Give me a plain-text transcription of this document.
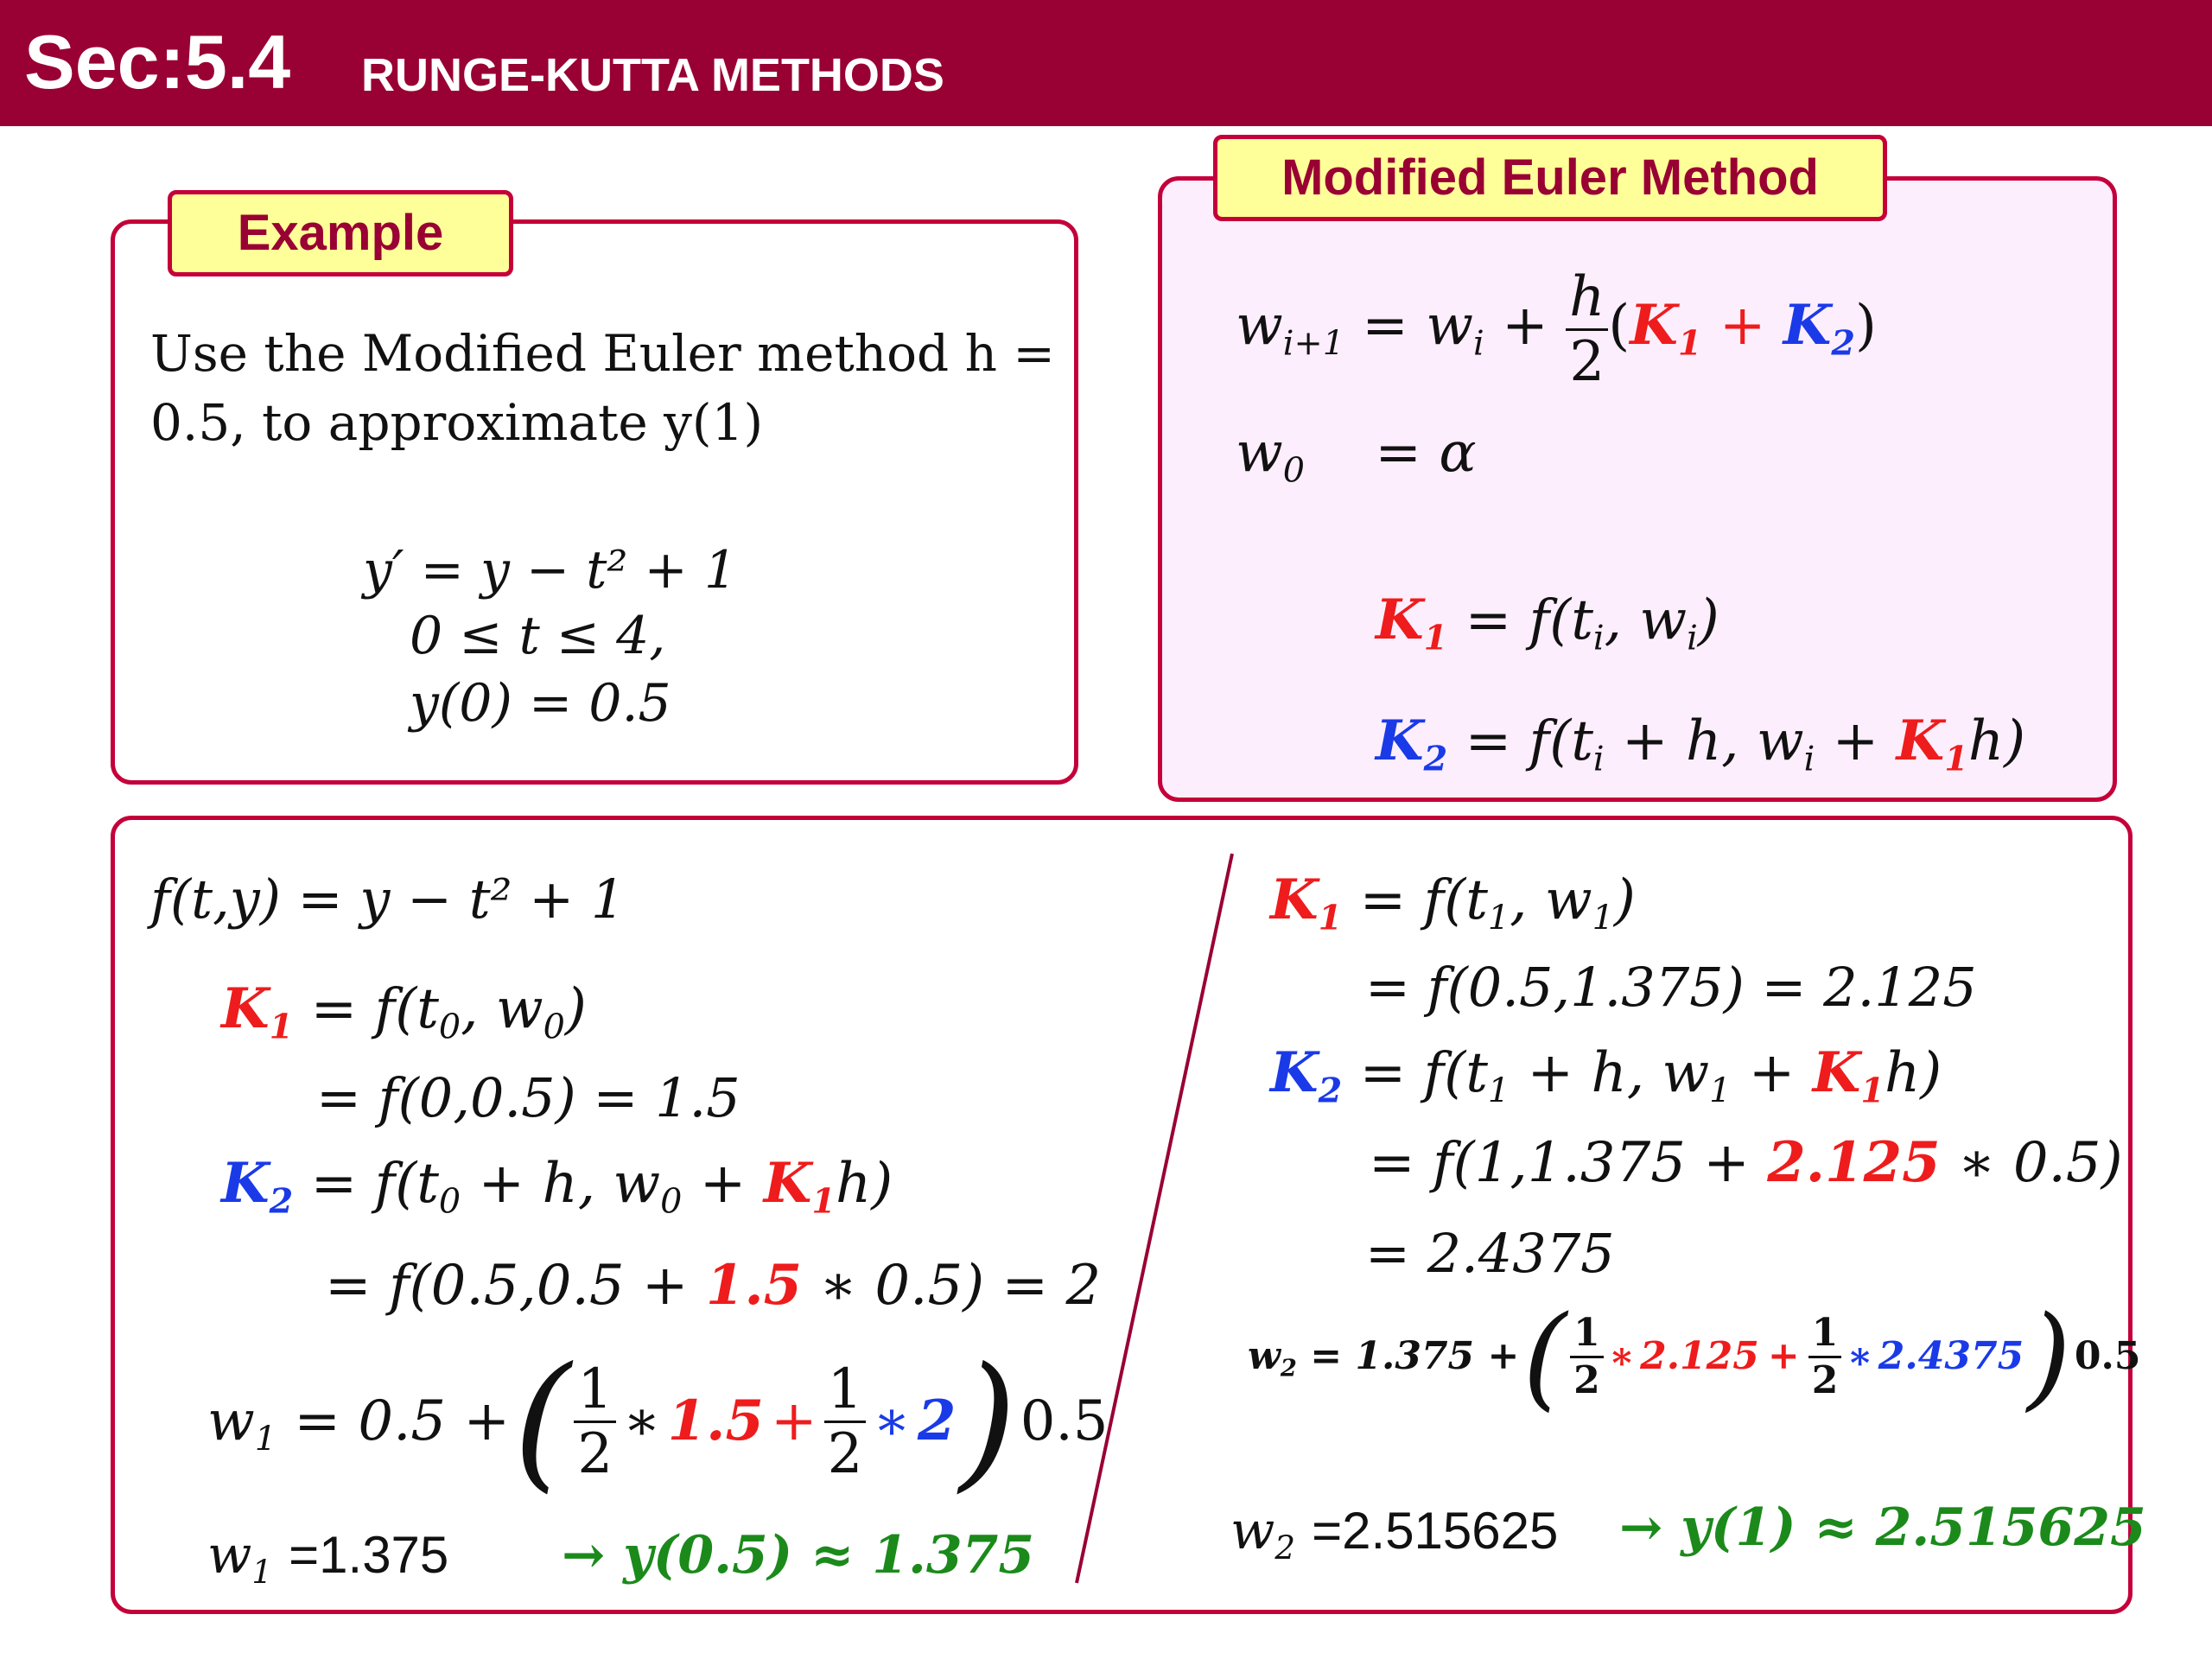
Sec:5.4 RUNGE-KUTTA METHODS
Example
Use the Modified Euler method h =
0.5, to approximate y(1)
y′ = y − t² + 1
0 ≤ t ≤ 4,
y(0) = 0.5
Modified Euler Method
$w_{i+1} = w_i + \frac{h}{2} (K_1 + K_2)$
$w_0$    = α
$K_1 = f(t_i$, $w_i$)
$K_2 = f(t_i + h$, $w_i + K_1h$)
f(t,y) = y − t² + 1
$K_1 = f(t_0$, $w_0$)
= f(0,0.5) = 1.5
$K_2 = f(t_0 + h$, $w_0 + K_1h$)
= f(0.5,0.5 + 1.5 ∗ 0.5) = 2
$w_1 = 0.5$ + ( $\frac{1}{2}$ ∗ $1.5 + \frac{1}{2}$ ∗ 2 ) 0.5
$w_1 =1.375 \to y(0.5) \approx 1.375$
$K_1 = f(t_1$, $w_1$)
= f(0.5,1.375) = 2.125
$K_2 = f(t_1 + h$, $w_1 + K_1h$)
= f(1,1.375 + 2.125 ∗ 0.5)
= 2.4375
$w_2 = 1.375$ + ( $\frac{1}{2}$ ∗ $2.125 + \frac{1}{2}$ ∗ 2.4375 ) 0.5
$w_2 =2.515625 \to y(1) \approx 2.515625$
